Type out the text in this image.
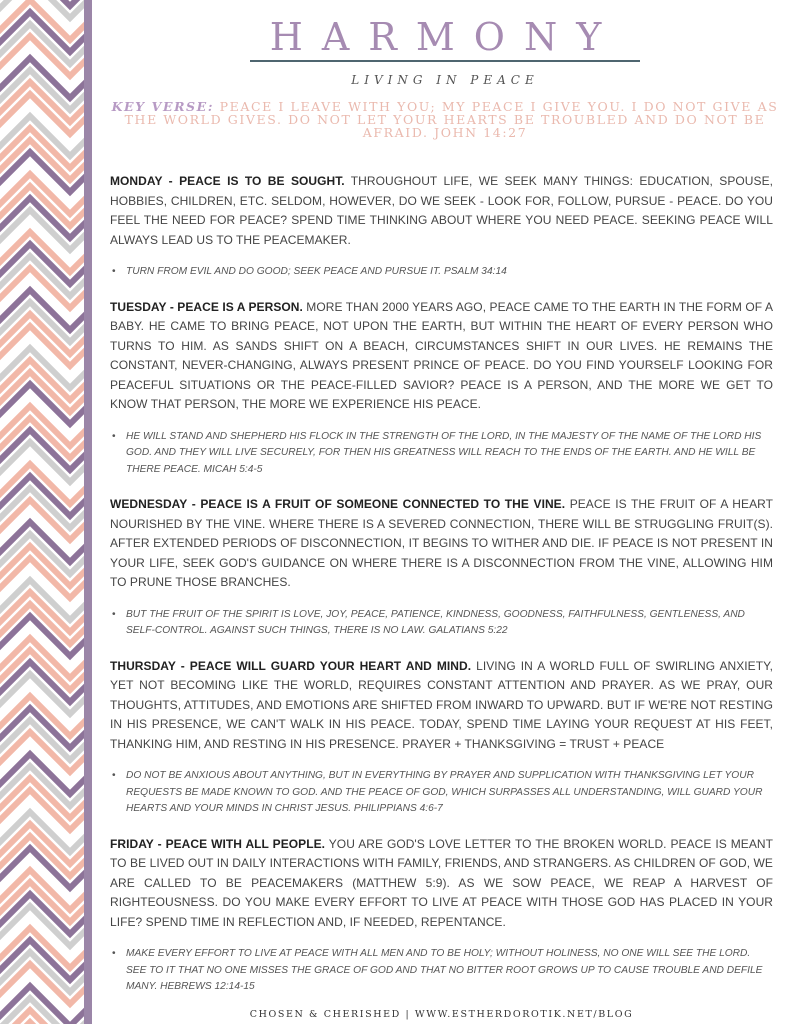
HARMONY
LIVING IN PEACE
KEY VERSE: PEACE I LEAVE WITH YOU; MY PEACE I GIVE YOU. I DO NOT GIVE AS THE WORLD GIVES. DO NOT LET YOUR HEARTS BE TROUBLED AND DO NOT BE AFRAID. JOHN 14:27

MONDAY - PEACE IS TO BE SOUGHT. THROUGHOUT LIFE, WE SEEK MANY THINGS: EDUCATION, SPOUSE, HOBBIES, CHILDREN, ETC. SELDOM, HOWEVER, DO WE SEEK - LOOK FOR, FOLLOW, PURSUE - PEACE. DO YOU FEEL THE NEED FOR PEACE? SPEND TIME THINKING ABOUT WHERE YOU NEED PEACE. SEEKING PEACE WILL ALWAYS LEAD US TO THE PEACEMAKER.

• TURN FROM EVIL AND DO GOOD; SEEK PEACE AND PURSUE IT. PSALM 34:14

TUESDAY - PEACE IS A PERSON. MORE THAN 2000 YEARS AGO, PEACE CAME TO THE EARTH IN THE FORM OF A BABY. HE CAME TO BRING PEACE, NOT UPON THE EARTH, BUT WITHIN THE HEART OF EVERY PERSON WHO TURNS TO HIM. AS SANDS SHIFT ON A BEACH, CIRCUMSTANCES SHIFT IN OUR LIVES. HE REMAINS THE CONSTANT, NEVER-CHANGING, ALWAYS PRESENT PRINCE OF PEACE. DO YOU FIND YOURSELF LOOKING FOR PEACEFUL SITUATIONS OR THE PEACE-FILLED SAVIOR? PEACE IS A PERSON, AND THE MORE WE GET TO KNOW THAT PERSON, THE MORE WE EXPERIENCE HIS PEACE.

• HE WILL STAND AND SHEPHERD HIS FLOCK IN THE STRENGTH OF THE LORD, IN THE MAJESTY OF THE NAME OF THE LORD HIS GOD. AND THEY WILL LIVE SECURELY, FOR THEN HIS GREATNESS WILL REACH TO THE ENDS OF THE EARTH. AND HE WILL BE THERE PEACE. MICAH 5:4-5

WEDNESDAY - PEACE IS A FRUIT OF SOMEONE CONNECTED TO THE VINE. PEACE IS THE FRUIT OF A HEART NOURISHED BY THE VINE. WHERE THERE IS A SEVERED CONNECTION, THERE WILL BE STRUGGLING FRUIT(S). AFTER EXTENDED PERIODS OF DISCONNECTION, IT BEGINS TO WITHER AND DIE. IF PEACE IS NOT PRESENT IN YOUR LIFE, SEEK GOD'S GUIDANCE ON WHERE THERE IS A DISCONNECTION FROM THE VINE, ALLOWING HIM TO PRUNE THOSE BRANCHES.

• BUT THE FRUIT OF THE SPIRIT IS LOVE, JOY, PEACE, PATIENCE, KINDNESS, GOODNESS, FAITHFULNESS, GENTLENESS, AND SELF-CONTROL. AGAINST SUCH THINGS, THERE IS NO LAW. GALATIANS 5:22

THURSDAY - PEACE WILL GUARD YOUR HEART AND MIND. LIVING IN A WORLD FULL OF SWIRLING ANXIETY, YET NOT BECOMING LIKE THE WORLD, REQUIRES CONSTANT ATTENTION AND PRAYER. AS WE PRAY, OUR THOUGHTS, ATTITUDES, AND EMOTIONS ARE SHIFTED FROM INWARD TO UPWARD. BUT IF WE'RE NOT RESTING IN HIS PRESENCE, WE CAN'T WALK IN HIS PEACE. TODAY, SPEND TIME LAYING YOUR REQUEST AT HIS FEET, THANKING HIM, AND RESTING IN HIS PRESENCE. PRAYER + THANKSGIVING = TRUST + PEACE

• DO NOT BE ANXIOUS ABOUT ANYTHING, BUT IN EVERYTHING BY PRAYER AND SUPPLICATION WITH THANKSGIVING LET YOUR REQUESTS BE MADE KNOWN TO GOD. AND THE PEACE OF GOD, WHICH SURPASSES ALL UNDERSTANDING, WILL GUARD YOUR HEARTS AND YOUR MINDS IN CHRIST JESUS. PHILIPPIANS 4:6-7

FRIDAY - PEACE WITH ALL PEOPLE. YOU ARE GOD'S LOVE LETTER TO THE BROKEN WORLD. PEACE IS MEANT TO BE LIVED OUT IN DAILY INTERACTIONS WITH FAMILY, FRIENDS, AND STRANGERS. AS CHILDREN OF GOD, WE ARE CALLED TO BE PEACEMAKERS (MATTHEW 5:9). AS WE SOW PEACE, WE REAP A HARVEST OF RIGHTEOUSNESS. DO YOU MAKE EVERY EFFORT TO LIVE AT PEACE WITH THOSE GOD HAS PLACED IN YOUR LIFE? SPEND TIME IN REFLECTION AND, IF NEEDED, REPENTANCE.

• MAKE EVERY EFFORT TO LIVE AT PEACE WITH ALL MEN AND TO BE HOLY; WITHOUT HOLINESS, NO ONE WILL SEE THE LORD. SEE TO IT THAT NO ONE MISSES THE GRACE OF GOD AND THAT NO BITTER ROOT GROWS UP TO CAUSE TROUBLE AND DEFILE MANY. HEBREWS 12:14-15
CHOSEN & CHERISHED | WWW.ESTHERDOROTIK.NET/BLOG
